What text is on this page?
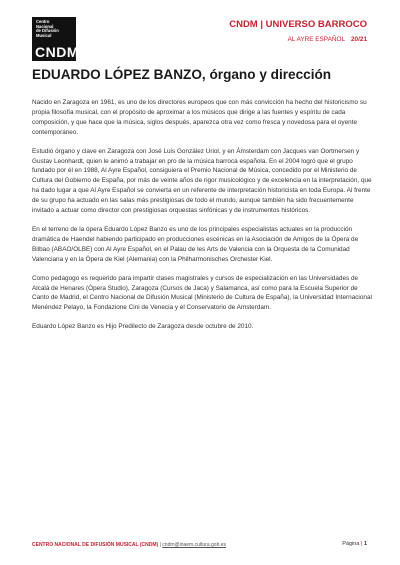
Centro
Nacional
de Difusión
Musical
CNDM
CNDM | UNIVERSO BARROCO
AL AYRE ESPAÑOL 20/21
EDUARDO LÓPEZ BANZO, órgano y dirección

Nacido en Zaragoza en 1961, es uno de los directores europeos que con más convicción ha hecho del historicismo su propia filosofía musical, con el propósito de aproximar a los músicos que dirige a las fuentes y espíritu de cada composición, y que hace que la música, siglos después, aparezca otra vez como fresca y novedosa para el oyente contemporáneo.

Estudió órgano y clave en Zaragoza con José Luis González Uriol, y en Ámsterdam con Jacques van Oortmersen y Gustav Leonhardt, quien le animó a trabajar en pro de la música barroca española. En el 2004 logró que el grupo fundado por él en 1988, Al Ayre Español, consiguiera el Premio Nacional de Música, concedido por el Ministerio de Cultura del Gobierno de España, por más de veinte años de rigor musicológico y de excelencia en la interpretación, que ha dado lugar a que Al Ayre Español se convierta en un referente de interpretación historicista en toda Europa. Al frente de su grupo ha actuado en las salas más prestigiosas de todo el mundo, aunque también ha sido frecuentemente invitado a actuar como director con prestigiosas orquestas sinfónicas y de instrumentos históricos.

En el terreno de la ópera Eduardo López Banzo es uno de los principales especialistas actuales en la producción dramática de Haendel habiendo participado en producciones escénicas en la Asociación de Amigos de la Ópera de Bilbao (ABAO/OLBE) con Al Ayre Español, en el Palau de les Arts de Valencia con la Orquesta de la Comunidad Valenciana y en la Ópera de Kiel (Alemania) con la Philharmonisches Orchester Kiel.

Como pedagogo es requerido para impartir clases magistrales y cursos de especialización en las Universidades de Alcalá de Henares (Ópera Studio), Zaragoza (Cursos de Jaca) y Salamanca, así como para la Escuela Superior de Canto de Madrid, el Centro Nacional de Difusión Musical (Ministerio de Cultura de España), la Universidad Internacional Menéndez Pelayo, la Fondazione Cini de Venecia y el Conservatorio de Amsterdam.

Eduardo López Banzo es Hijo Predilecto de Zaragoza desde octubre de 2010.

CENTRO NACIONAL DE DIFUSIÓN MUSICAL (CNDM) | cndm@inaem.cultura.gob.es	Página | 1
